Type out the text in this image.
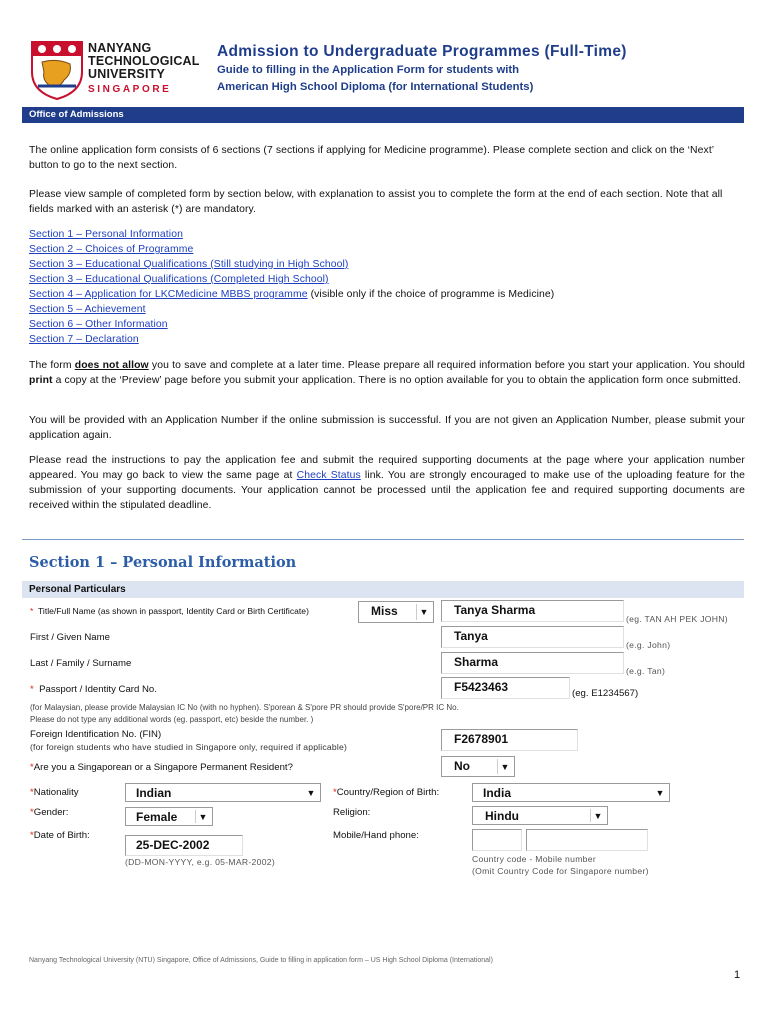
NANYANG
TECHNOLOGICAL
UNIVERSITY
SINGAPORE
Admission to Undergraduate Programmes (Full-Time)
Guide to filling in the Application Form for students with
American High School Diploma (for International Students)
Office of Admissions
The online application form consists of 6 sections (7 sections if applying for Medicine programme). Please complete section and click on the ‘Next’ button to go to the next section.
Please view sample of completed form by section below, with explanation to assist you to complete the form at the end of each section. Note that all fields marked with an asterisk (*) are mandatory.
Section 1 – Personal Information
Section 2 – Choices of Programme
Section 3 – Educational Qualifications (Still studying in High School)
Section 3 – Educational Qualifications (Completed High School)
Section 4 – Application for LKCMedicine MBBS programme (visible only if the choice of programme is Medicine)
Section 5 – Achievement
Section 6 – Other Information
Section 7 – Declaration
The form does not allow you to save and complete at a later time. Please prepare all required information before you start your application. You should print a copy at the ‘Preview’ page before you submit your application. There is no option available for you to obtain the application form once submitted.
You will be provided with an Application Number if the online submission is successful. If you are not given an Application Number, please submit your application again.
Please read the instructions to pay the application fee and submit the required supporting documents at the page where your application number appeared. You may go back to view the same page at Check Status link. You are strongly encouraged to make use of the uploading feature for the submission of your supporting documents. Your application cannot be processed until the application fee and required supporting documents are received within the stipulated deadline.
Section 1 – Personal Information
Personal Particulars
* Title/Full Name (as shown in passport, Identity Card or Birth Certificate)	Miss	▼	Tanya Sharma
(eg. TAN AH PEK JOHN)
First / Given Name	Tanya
(e.g. John)
Last / Family / Surname	Sharma
(e.g. Tan)
* Passport / Identity Card No.	F5423463	(eg. E1234567)
(for Malaysian, please provide Malaysian IC No (with no hyphen). S'porean & S'pore PR should provide S'pore/PR IC No.
Please do not type any additional words (eg. passport, etc) beside the number. )
Foreign Identification No. (FIN)
(for foreign students who have studied in Singapore only, required if applicable)
F2678901
*Are you a Singaporean or a Singapore Permanent Resident?	No	▼
*Nationality	Indian	▼ *Country/Region of Birth:	India	▼
*Gender:	Female	▼	Religion:	Hindu	▼
*Date of Birth:
25-DEC-2002
(DD-MON-YYYY, e.g. 05-MAR-2002)
Mobile/Hand phone:
Country code - Mobile number
(Omit Country Code for Singapore number)
Nanyang Technological University (NTU) Singapore, Office of Admissions, Guide to filling in application form – US High School Diploma (International)
1
